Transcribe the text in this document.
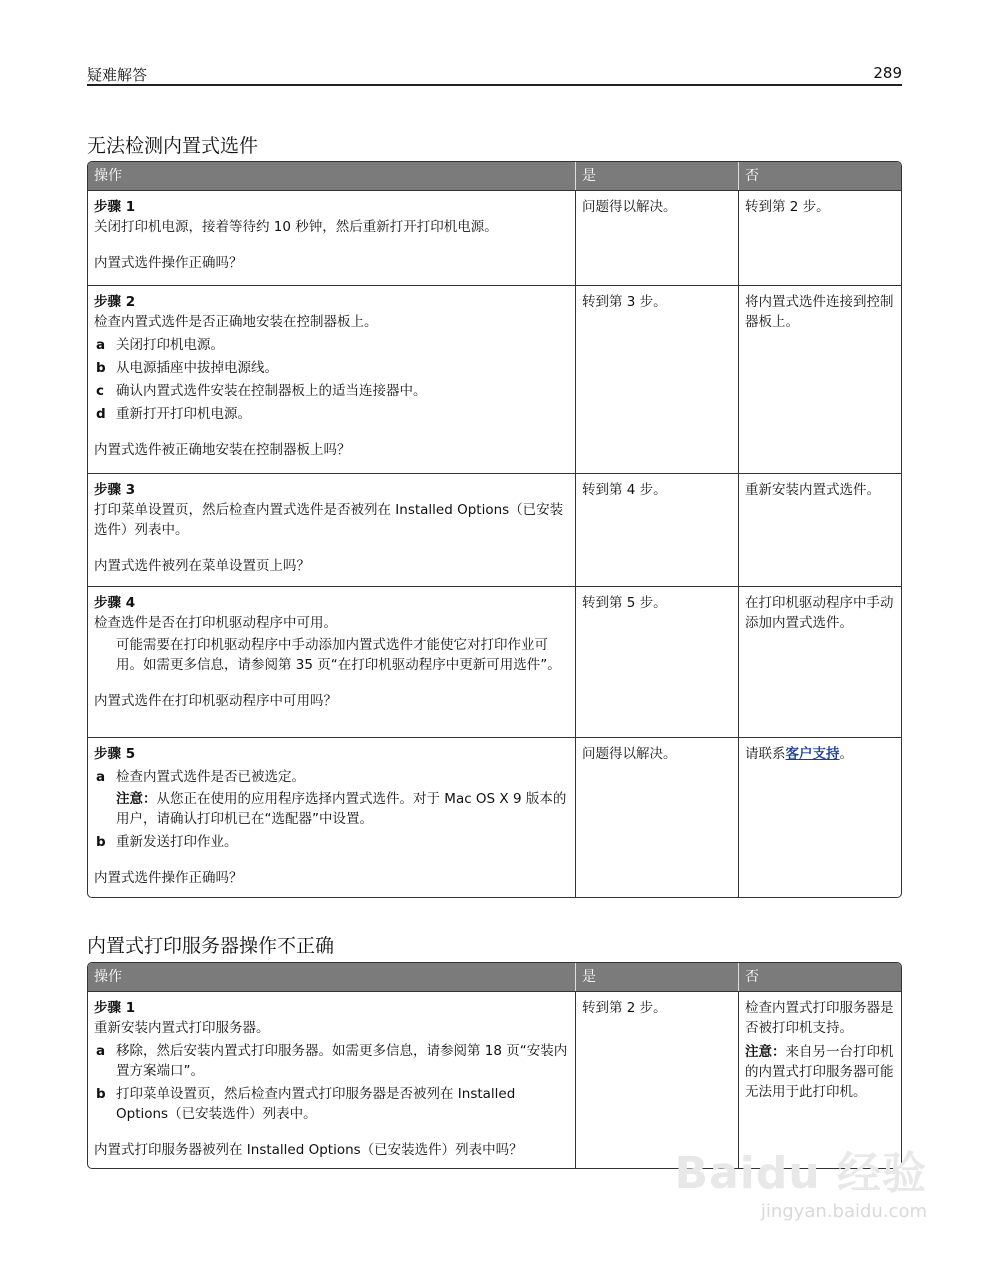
疑难解答	289
无法检测内置式选件
操作	是	否
步骤 1
关闭打印机电源，接着等待约 10 秒钟，然后重新打开打印机电源。
内置式选件操作正确吗？
问题得以解决。	转到第 2 步。
步骤 2
检查内置式选件是否正确地安装在控制器板上。
a 关闭打印机电源。
b 从电源插座中拔掉电源线。
c 确认内置式选件安装在控制器板上的适当连接器中。
d 重新打开打印机电源。
内置式选件被正确地安装在控制器板上吗？
转到第 3 步。	将内置式选件连接到控制器板上。
步骤 3
打印菜单设置页，然后检查内置式选件是否被列在 Installed Options（已安装选件）列表中。
内置式选件被列在菜单设置页上吗？
转到第 4 步。	重新安装内置式选件。
步骤 4
检查选件是否在打印机驱动程序中可用。
可能需要在打印机驱动程序中手动添加内置式选件才能使它对打印作业可用。如需更多信息，请参阅第 35 页“在打印机驱动程序中更新可用选件”。
内置式选件在打印机驱动程序中可用吗？
转到第 5 步。	在打印机驱动程序中手动添加内置式选件。
步骤 5
a 检查内置式选件是否已被选定。
注意：从您正在使用的应用程序选择内置式选件。对于 Mac OS X 9 版本的用户，请确认打印机已在“选配器”中设置。
b 重新发送打印作业。
内置式选件操作正确吗？
问题得以解决。	请联系客户支持。
内置式打印服务器操作不正确
操作	是	否
步骤 1
重新安装内置式打印服务器。
a 移除，然后安装内置式打印服务器。如需更多信息，请参阅第 18 页“安装内置方案端口”。
b 打印菜单设置页，然后检查内置式打印服务器是否被列在 Installed Options（已安装选件）列表中。
内置式打印服务器被列在 Installed Options（已安装选件）列表中吗？
转到第 2 步。	检查内置式打印服务器是否被打印机支持。
注意：来自另一台打印机的内置式打印服务器可能无法用于此打印机。
Baidu 经验
jingyan.baidu.com
